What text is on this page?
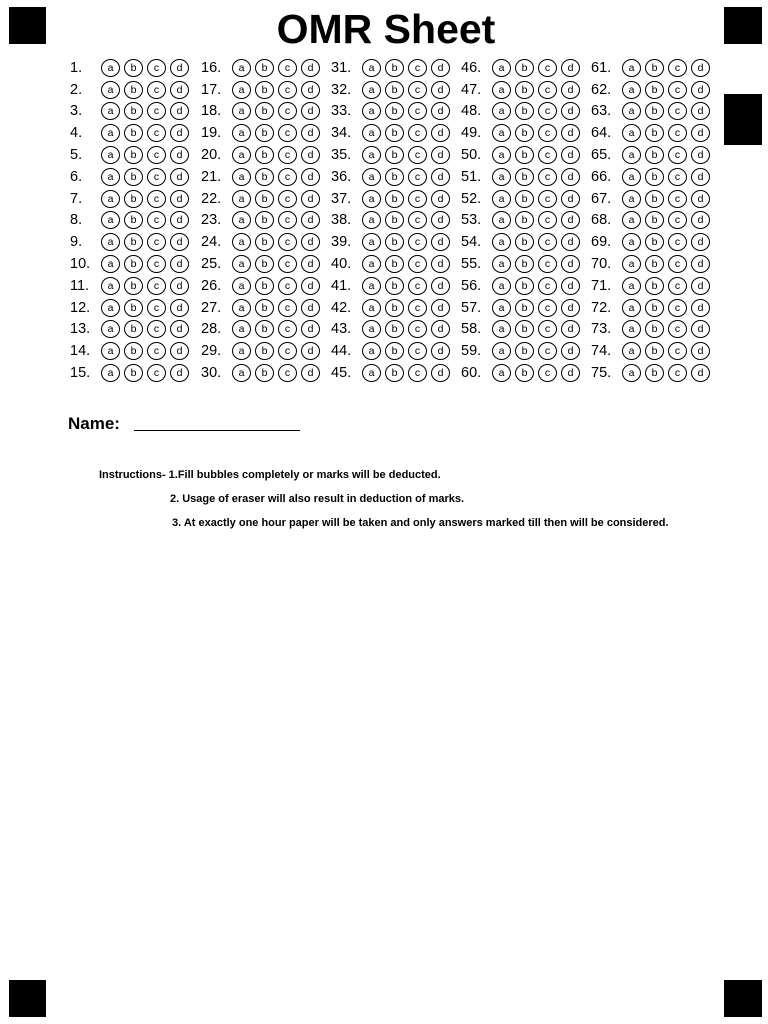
OMR Sheet
1.	a	b	c	d
2.	a	b	c	d
3.	a	b	c	d
4.	a	b	c	d
5.	a	b	c	d
6.	a	b	c	d
7.	a	b	c	d
8.	a	b	c	d
9.	a	b	c	d
10.	a	b	c	d
11.	a	b	c	d
12.	a	b	c	d
13.	a	b	c	d
14.	a	b	c	d
15.	a	b	c	d
16.	a	b	c	d
17.	a	b	c	d
18.	a	b	c	d
19.	a	b	c	d
20.	a	b	c	d
21.	a	b	c	d
22.	a	b	c	d
23.	a	b	c	d
24.	a	b	c	d
25.	a	b	c	d
26.	a	b	c	d
27.	a	b	c	d
28.	a	b	c	d
29.	a	b	c	d
30.	a	b	c	d
31.	a	b	c	d
32.	a	b	c	d
33.	a	b	c	d
34.	a	b	c	d
35.	a	b	c	d
36.	a	b	c	d
37.	a	b	c	d
38.	a	b	c	d
39.	a	b	c	d
40.	a	b	c	d
41.	a	b	c	d
42.	a	b	c	d
43.	a	b	c	d
44.	a	b	c	d
45.	a	b	c	d
46.	a	b	c	d
47.	a	b	c	d
48.	a	b	c	d
49.	a	b	c	d
50.	a	b	c	d
51.	a	b	c	d
52.	a	b	c	d
53.	a	b	c	d
54.	a	b	c	d
55.	a	b	c	d
56.	a	b	c	d
57.	a	b	c	d
58.	a	b	c	d
59.	a	b	c	d
60.	a	b	c	d
61.	a	b	c	d
62.	a	b	c	d
63.	a	b	c	d
64.	a	b	c	d
65.	a	b	c	d
66.	a	b	c	d
67.	a	b	c	d
68.	a	b	c	d
69.	a	b	c	d
70.	a	b	c	d
71.	a	b	c	d
72.	a	b	c	d
73.	a	b	c	d
74.	a	b	c	d
75.	a	b	c	d
Name:
Instructions- 1.Fill bubbles completely or marks will be deducted.
2. Usage of eraser will also result in deduction of marks.
3. At exactly one hour paper will be taken and only answers marked till then will be considered.
